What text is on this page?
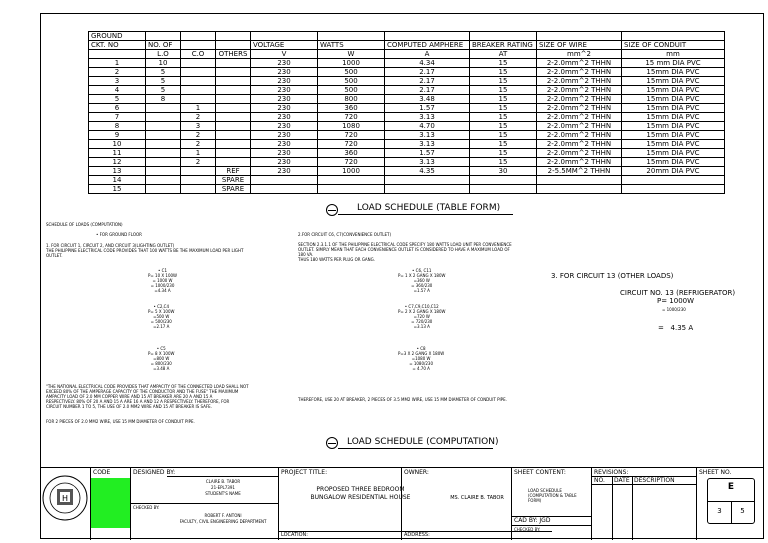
GROUND									
CKT. NO	NO. OF			VOLTAGE	WATTS	COMPUTED AMPHERE	BREAKER RATING	SIZE OF WIRE	SIZE OF CONDUIT
	L.O	C.O	OTHERS	V	W	A	AT	mm^2	mm
1	10			230	1000	4.34	15	2-2.0mm^2 THHN	15 mm DIA PVC
2	5			230	500	2.17	15	2-2.0mm^2 THHN	15mm DIA PVC
3	5			230	500	2.17	15	2-2.0mm^2 THHN	15mm DIA PVC
4	5			230	500	2.17	15	2-2.0mm^2 THHN	15mm DIA PVC
5	8			230	800	3.48	15	2-2.0mm^2 THHN	15mm DIA PVC
6		1		230	360	1.57	15	2-2.0mm^2 THHN	15mm DIA PVC
7		2		230	720	3.13	15	2-2.0mm^2 THHN	15mm DIA PVC
8		3		230	1080	4.70	15	2-2.0mm^2 THHN	15mm DIA PVC
9		2		230	720	3.13	15	2-2.0mm^2 THHN	15mm DIA PVC
10		2		230	720	3.13	15	2-2.0mm^2 THHN	15mm DIA PVC
11		1		230	360	1.57	15	2-2.0mm^2 THHN	15mm DIA PVC
12		2		230	720	3.13	15	2-2.0mm^2 THHN	15mm DIA PVC
13			REF	230	1000	4.35	30	2-5.5MM^2 THHN	20mm DIA PVC
14			SPARE						
15			SPARE						
LOAD SCHEDULE (TABLE FORM)
SCHEDULE OF LOADS (COMPUTATION)
• FOR GROUND FLOOR
1. FOR CIRCUIT 1, CIRCUIT 2, AND CIRCUIT 3(LIGHTING OUTLET)
THE PHILIPPINE ELECTRICAL CODE PROVIDES THAT 100 WATTS BE THE MAXIMUM LOAD PER LIGHT
OUTLET.
• C1
P= 10 X 100W
= 1000 W
= 1000/230
=4.34 A
• C2,C4
P= 5 X 100W
=500 W
= 500/230
=2.17 A
• C5
P= 8 X 100W
=800 W
= 800/230
=3.48 A
"THE NATIONAL ELECTRICAL CODE PROVIDES THAT AMPACITY OF THE CONNECTED LOAD SHALL NOT
EXCEED 80% OF THE AMPERAGE CAPACITY OF THE CONDUCTOR AND THE FUSE" THE MAXIMUM
AMPACITY LOAD OF 2.0 MM COPPER WIRE AND 15 AT BREAKER ARE 20 A AND 15 A
RESPECTIVELY. 80% OF 20 A AND 15 A ARE 16 A AND 12 A RESPECTIVELY. THEREFORE, FOR
CIRCUIT NUMBER 1 TO 5, THE USE OF 2.0 MM2 WIRE AND 15 AT BREAKER IS SAFE.
FOR 2 PIECES OF 2.0 MM2 WIRE, USE 15 MM DIAMETER OF CONDUIT PIPE.
2.FOR CIRCUIT C6, C7(CONVENIENCE OUTLET)
SECTION 2.3.1.1 OF THE PHILIPPINE ELECTRICAL CODE SPECIFY 180 WATTS LOAD UNIT PER CONVENIENCE
OUTLET. SIMPLY MEAN THAT EACH CONVENIENCE OUTLET IS CONSIDERED TO HAVE A MAXIMUM LOAD OF
180 VA.
THUS 180 WATTS PER PLUG OR GANG.
• C6, C11
P= 1 X 2 GANG X 180W
=360 W
= 360/230
=1.57 A
• C7,C9,C10,C12
P= 2 X 2 GANG X 180W
=720 W
= 720/230
=3.13 A
• C8
P=3 X 2 GANG X 180W
=1080 W
= 1080/230
= 4.70 A
THEREFORE, USE 20 AT BREAKER, 2 PIECES OF 3.5 MM2 WIRE, USE 15 MM DIAMETER OF CONDUIT PIPE.
3. FOR CIRCUIT 13 (OTHER LOADS)
CIRCUIT NO. 13 (REFRIGERATOR)
P= 1000W
= 1000/230
=   4.35 A
LOAD SCHEDULE (COMPUTATION)
H
CODE	DESIGNED BY:
CLAIRE B. TABOR
21-EPL7391
STUDENT'S NAME
CHECKED BY:
ROBERT F. ANTONI
FACULTY, CIVIL ENGINEERING DEPARTMENT
PROJECT TITLE:
PROPOSED THREE BEDROOM
BUNGALOW RESIDENTIAL HOUSE
LOCATION:
OWNER:
MS. CLAIRE B. TABOR
ADDRESS:
SHEET CONTENT:
LOAD SCHEDULE
(COMPUTATION & TABLE
FORM)
CAD BY: JGD
CHECKED BY:
REVISIONS:
NO. DATE DESCRIPTION
SHEET NO.
E
3	5
